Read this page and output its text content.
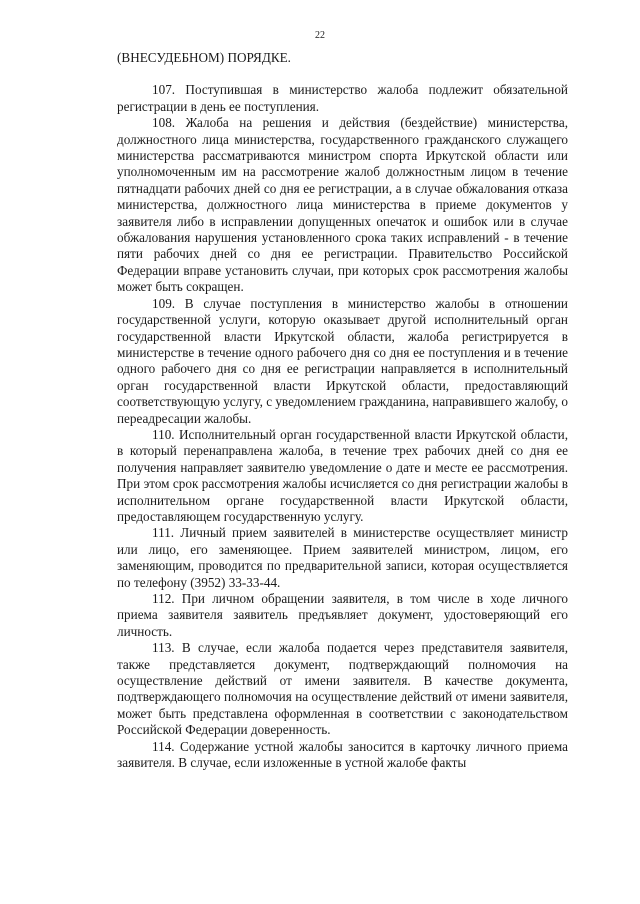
22

(ВНЕСУДЕБНОМ) ПОРЯДКЕ.

107. Поступившая в министерство жалоба подлежит обязательной регистрации в день ее поступления.

108. Жалоба на решения и действия (бездействие) министерства, должностного лица министерства, государственного гражданского служащего министерства рассматриваются министром спорта Иркутской области или уполномоченным им на рассмотрение жалоб должностным лицом в течение пятнадцати рабочих дней со дня ее регистрации, а в случае обжалования отказа министерства, должностного лица министерства в приеме документов у заявителя либо в исправлении допущенных опечаток и ошибок или в случае обжалования нарушения установленного срока таких исправлений - в течение пяти рабочих дней со дня ее регистрации. Правительство Российской Федерации вправе установить случаи, при которых срок рассмотрения жалобы может быть сокращен.

109. В случае поступления в министерство жалобы в отношении государственной услуги, которую оказывает другой исполнительный орган государственной власти Иркутской области, жалоба регистрируется в министерстве в течение одного рабочего дня со дня ее поступления и в течение одного рабочего дня со дня ее регистрации направляется в исполнительный орган государственной власти Иркутской области, предоставляющий соответствующую услугу, с уведомлением гражданина, направившего жалобу, о переадресации жалобы.

110. Исполнительный орган государственной власти Иркутской области, в который перенаправлена жалоба, в течение трех рабочих дней со дня ее получения направляет заявителю уведомление о дате и месте ее рассмотрения. При этом срок рассмотрения жалобы исчисляется со дня регистрации жалобы в исполнительном органе государственной власти Иркутской области, предоставляющем государственную услугу.

111. Личный прием заявителей в министерстве осуществляет министр или лицо, его заменяющее. Прием заявителей министром, лицом, его заменяющим, проводится по предварительной записи, которая осуществляется по телефону (3952) 33-33-44.

112. При личном обращении заявителя, в том числе в ходе личного приема заявителя заявитель предъявляет документ, удостоверяющий его личность.

113. В случае, если жалоба подается через представителя заявителя, также представляется документ, подтверждающий полномочия на осуществление действий от имени заявителя. В качестве документа, подтверждающего полномочия на осуществление действий от имени заявителя, может быть представлена оформленная в соответствии с законодательством Российской Федерации доверенность.

114. Содержание устной жалобы заносится в карточку личного приема заявителя. В случае, если изложенные в устной жалобе факты
